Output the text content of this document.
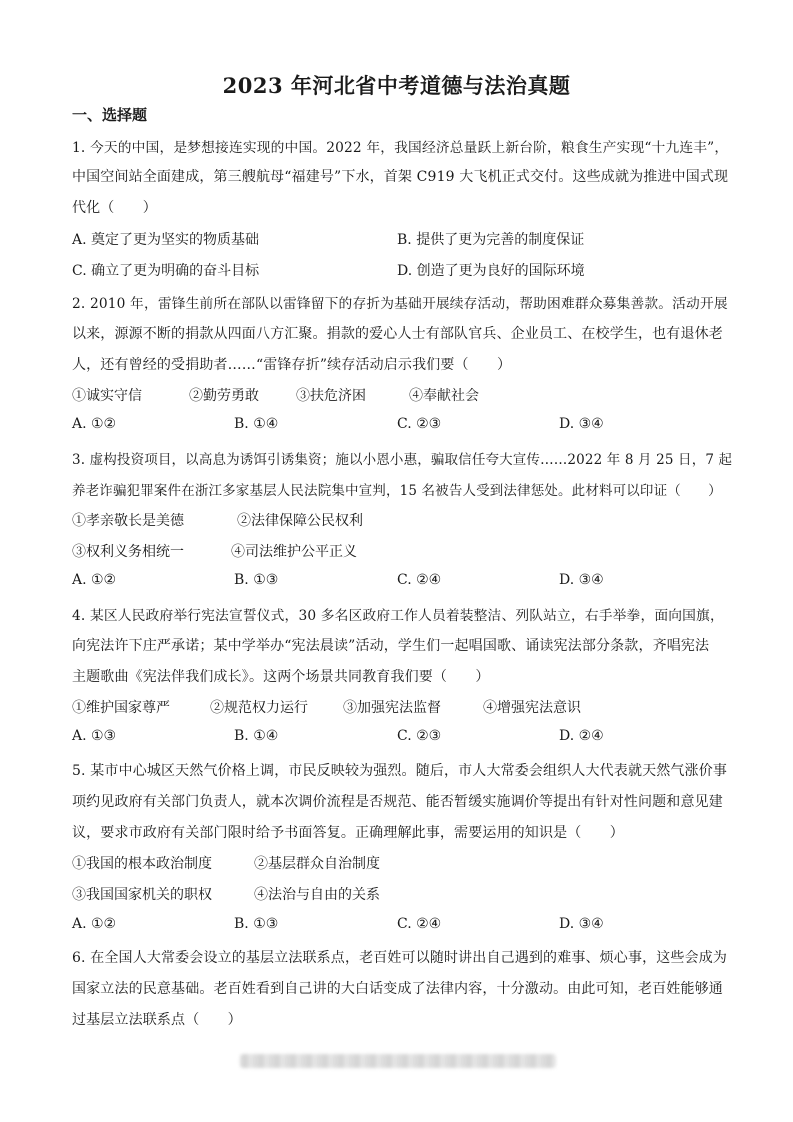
2023 年河北省中考道德与法治真题
一、选择题
1. 今天的中国，是梦想接连实现的中国。2022 年，我国经济总量跃上新台阶，粮食生产实现“十九连丰”，
中国空间站全面建成，第三艘航母“福建号”下水，首架 C919 大飞机正式交付。这些成就为推进中国式现
代化（　　）
A. 奠定了更为坚实的物质基础	B. 提供了更为完善的制度保证
C. 确立了更为明确的奋斗目标	D. 创造了更为良好的国际环境
2. 2010 年，雷锋生前所在部队以雷锋留下的存折为基础开展续存活动，帮助困难群众募集善款。活动开展
以来，源源不断的捐款从四面八方汇聚。捐款的爱心人士有部队官兵、企业员工、在校学生，也有退休老
人，还有曾经的受捐助者……“雷锋存折”续存活动启示我们要（　　）
①诚实守信	②勤劳勇敢	③扶危济困	④奉献社会
A. ①②	B. ①④	C. ②③	D. ③④
3. 虚构投资项目，以高息为诱饵引诱集资；施以小恩小惠，骗取信任夸大宣传……2022 年 8 月 25 日，7 起
养老诈骗犯罪案件在浙江多家基层人民法院集中宣判，15 名被告人受到法律惩处。此材料可以印证（　　）
①孝亲敬长是美德	②法律保障公民权利
③权利义务相统一	④司法维护公平正义
A. ①②	B. ①③	C. ②④	D. ③④
4. 某区人民政府举行宪法宣誓仪式，30 多名区政府工作人员着装整洁、列队站立，右手举拳，面向国旗，
向宪法许下庄严承诺；某中学举办“宪法晨读”活动，学生们一起唱国歌、诵读宪法部分条款，齐唱宪法
主题歌曲《宪法伴我们成长》。这两个场景共同教育我们要（　　）
①维护国家尊严	②规范权力运行	③加强宪法监督	④增强宪法意识
A. ①③	B. ①④	C. ②③	D. ②④
5. 某市中心城区天然气价格上调，市民反映较为强烈。随后，市人大常委会组织人大代表就天然气涨价事
项约见政府有关部门负责人，就本次调价流程是否规范、能否暂缓实施调价等提出有针对性问题和意见建
议，要求市政府有关部门限时给予书面答复。正确理解此事，需要运用的知识是（　　）
①我国的根本政治制度	②基层群众自治制度
③我国国家机关的职权	④法治与自由的关系
A. ①②	B. ①③	C. ②④	D. ③④
6. 在全国人大常委会设立的基层立法联系点，老百姓可以随时讲出自己遇到的难事、烦心事，这些会成为
国家立法的民意基础。老百姓看到自己讲的大白话变成了法律内容，十分激动。由此可知，老百姓能够通
过基层立法联系点（　　）
